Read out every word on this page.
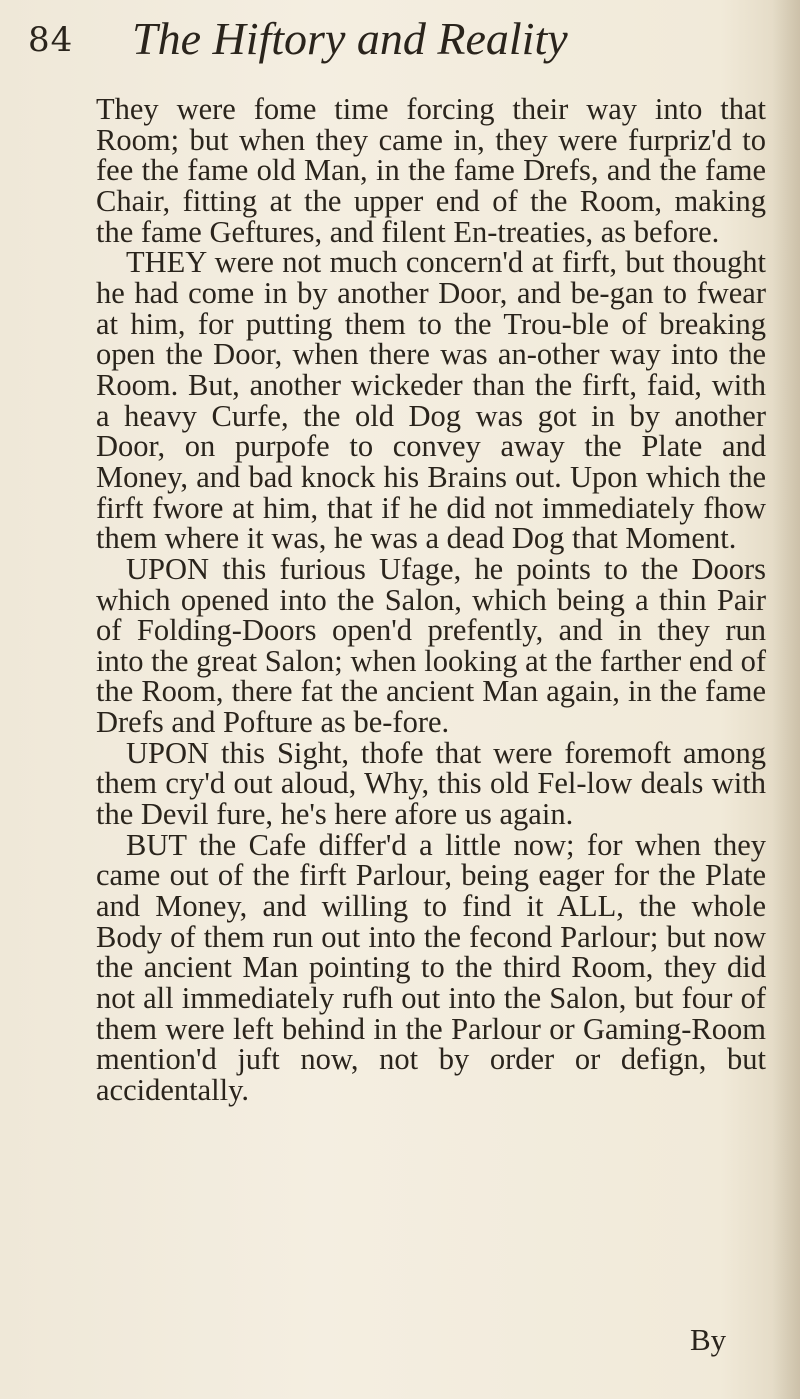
84 The Hiftory and Reality

They were fome time forcing their way into that Room; but when they came in, they were furpriz'd to fee the fame old Man, in the fame Drefs, and the fame Chair, fitting at the upper end of the Room, making the fame Geftures, and filent En-treaties, as before.

THEY were not much concern'd at firft, but thought he had come in by another Door, and be-gan to fwear at him, for putting them to the Trou-ble of breaking open the Door, when there was an-other way into the Room. But, another wickeder than the firft, faid, with a heavy Curfe, the old Dog was got in by another Door, on purpofe to convey away the Plate and Money, and bad knock his Brains out. Upon which the firft fwore at him, that if he did not immediately fhow them where it was, he was a dead Dog that Moment.

UPON this furious Ufage, he points to the Doors which opened into the Salon, which being a thin Pair of Folding-Doors open'd prefently, and in they run into the great Salon; when looking at the farther end of the Room, there fat the ancient Man again, in the fame Drefs and Pofture as be-fore.

UPON this Sight, thofe that were foremoft among them cry'd out aloud, Why, this old Fel-low deals with the Devil fure, he's here afore us again.

BUT the Cafe differ'd a little now; for when they came out of the firft Parlour, being eager for the Plate and Money, and willing to find it ALL, the whole Body of them run out into the fecond Parlour; but now the ancient Man pointing to the third Room, they did not all immediately rufh out into the Salon, but four of them were left behind in the Parlour or Gaming-Room mention'd juft now, not by order or defign, but accidentally.

By
